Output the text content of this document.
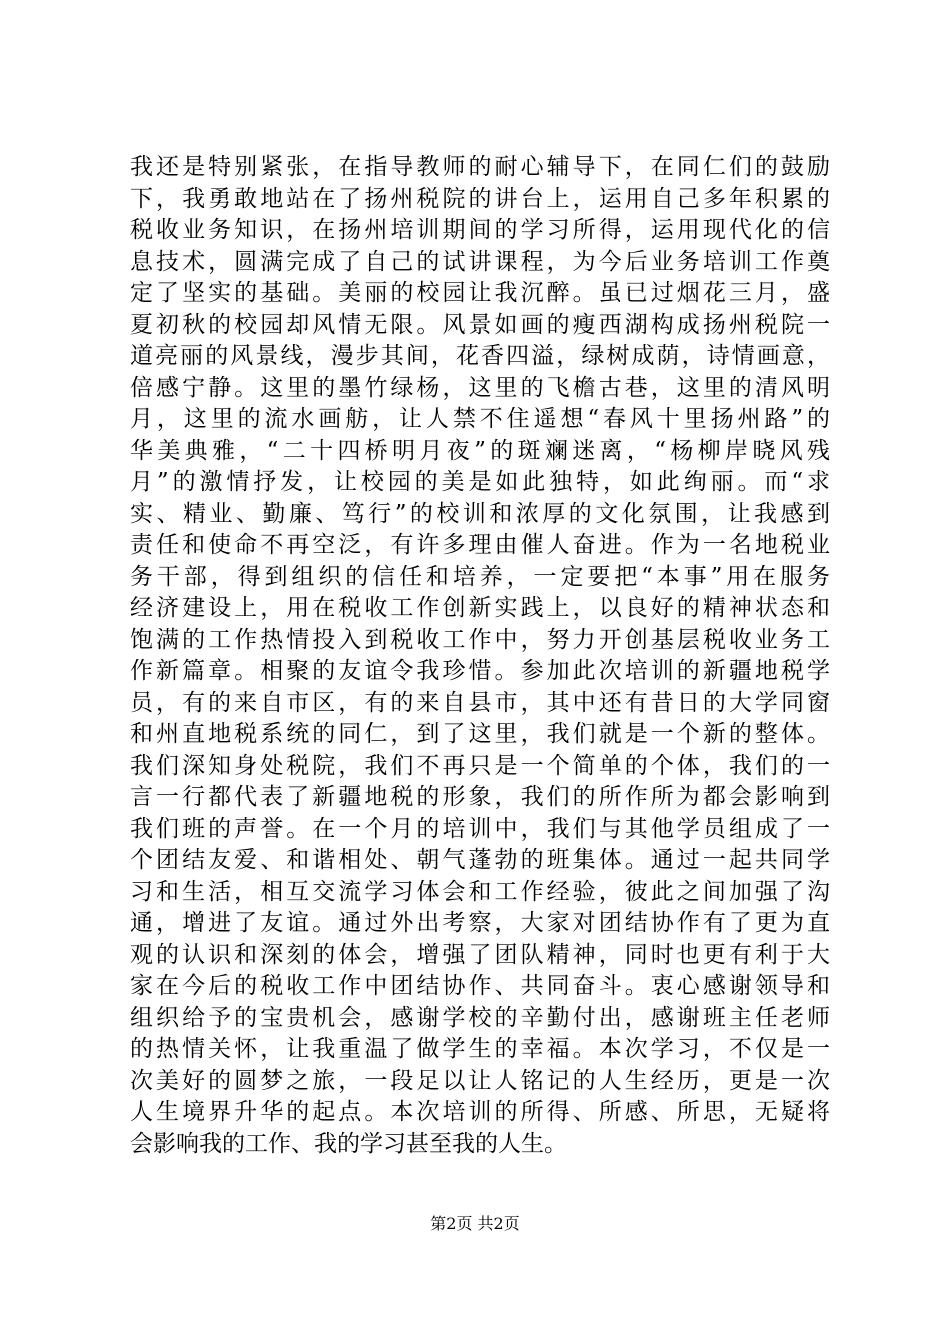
我还是特别紧张，在指导教师的耐心辅导下，在同仁们的鼓励
下，我勇敢地站在了扬州税院的讲台上，运用自己多年积累的
税收业务知识，在扬州培训期间的学习所得，运用现代化的信
息技术，圆满完成了自己的试讲课程，为今后业务培训工作奠
定了坚实的基础。美丽的校园让我沉醉。虽已过烟花三月，盛
夏初秋的校园却风情无限。风景如画的瘦西湖构成扬州税院一
道亮丽的风景线，漫步其间，花香四溢，绿树成荫，诗情画意，
倍感宁静。这里的墨竹绿杨，这里的飞檐古巷，这里的清风明
月，这里的流水画舫，让人禁不住遥想“春风十里扬州路”的
华美典雅，“二十四桥明月夜”的斑斓迷离，“杨柳岸晓风残
月”的激情抒发，让校园的美是如此独特，如此绚丽。而“求
实、精业、勤廉、笃行”的校训和浓厚的文化氛围，让我感到
责任和使命不再空泛，有许多理由催人奋进。作为一名地税业
务干部，得到组织的信任和培养，一定要把“本事”用在服务
经济建设上，用在税收工作创新实践上，以良好的精神状态和
饱满的工作热情投入到税收工作中，努力开创基层税收业务工
作新篇章。相聚的友谊令我珍惜。参加此次培训的新疆地税学
员，有的来自市区，有的来自县市，其中还有昔日的大学同窗
和州直地税系统的同仁，到了这里，我们就是一个新的整体。
我们深知身处税院，我们不再只是一个简单的个体，我们的一
言一行都代表了新疆地税的形象，我们的所作所为都会影响到
我们班的声誉。在一个月的培训中，我们与其他学员组成了一
个团结友爱、和谐相处、朝气蓬勃的班集体。通过一起共同学
习和生活，相互交流学习体会和工作经验，彼此之间加强了沟
通，增进了友谊。通过外出考察，大家对团结协作有了更为直
观的认识和深刻的体会，增强了团队精神，同时也更有利于大
家在今后的税收工作中团结协作、共同奋斗。衷心感谢领导和
组织给予的宝贵机会，感谢学校的辛勤付出，感谢班主任老师
的热情关怀，让我重温了做学生的幸福。本次学习，不仅是一
次美好的圆梦之旅，一段足以让人铭记的人生经历，更是一次
人生境界升华的起点。本次培训的所得、所感、所思，无疑将
会影响我的工作、我的学习甚至我的人生。
第2页 共2页
